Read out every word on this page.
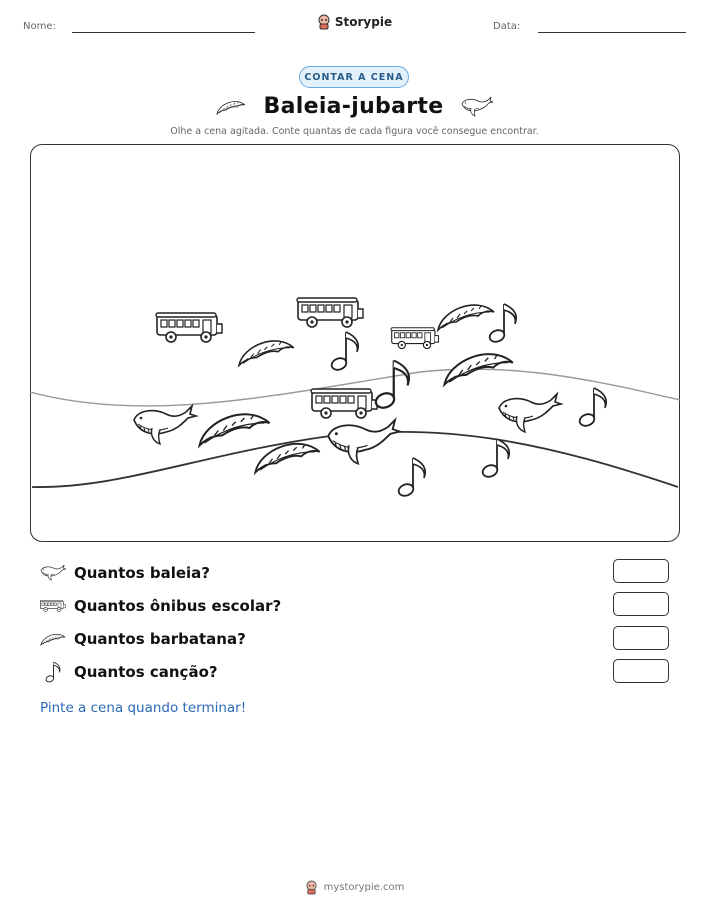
Nome:	Storypie	Data:
CONTAR A CENA
Baleia-jubarte
Olhe a cena agitada. Conte quantas de cada figura você consegue encontrar.
Quantos baleia?
Quantos ônibus escolar?
Quantos barbatana?
Quantos canção?
Pinte a cena quando terminar!
mystorypie.com
